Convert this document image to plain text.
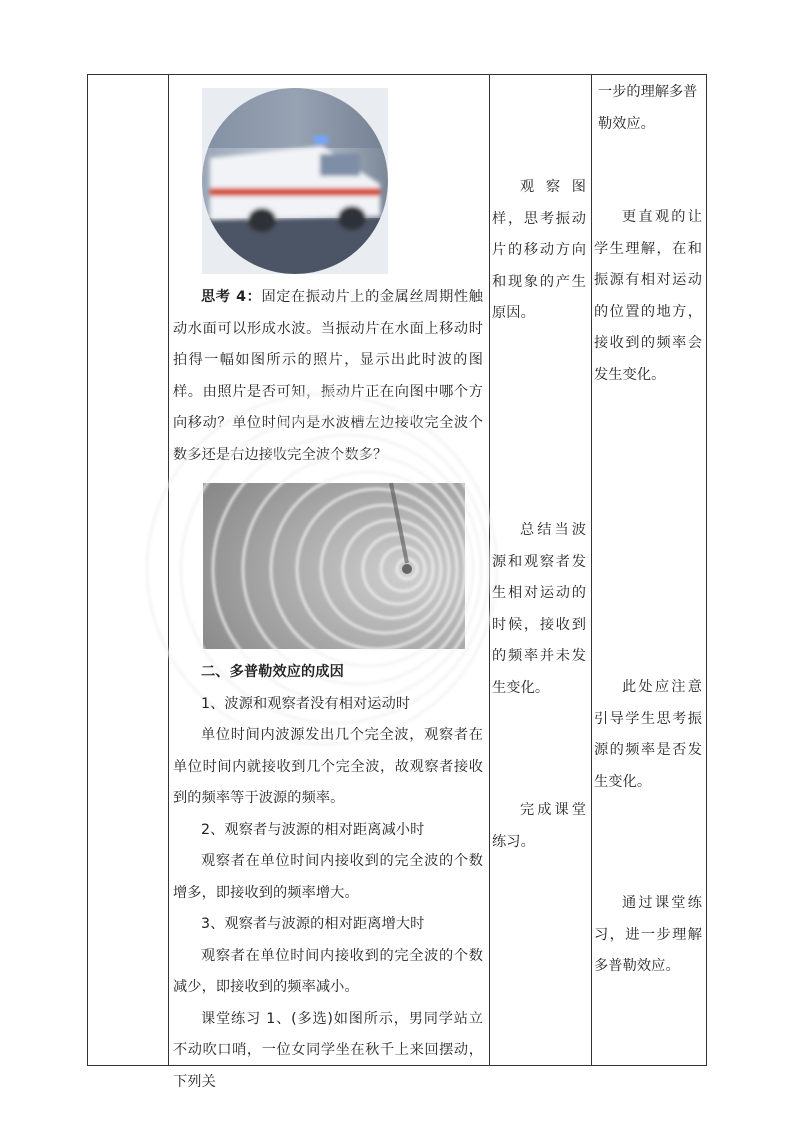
思考 4：固定在振动片上的金属丝周期性触动水面可以形成水波。当振动片在水面上移动时拍得一幅如图所示的照片，显示出此时波的图样。由照片是否可知，振动片正在向图中哪个方向移动？单位时间内是水波槽左边接收完全波个数多还是右边接收完全波个数多？

二、多普勒效应的成因

1、波源和观察者没有相对运动时

单位时间内波源发出几个完全波，观察者在单位时间内就接收到几个完全波，故观察者接收到的频率等于波源的频率。

2、观察者与波源的相对距离减小时

观察者在单位时间内接收到的完全波的个数增多，即接收到的频率增大。

3、观察者与波源的相对距离增大时

观察者在单位时间内接收到的完全波的个数减少，即接收到的频率减小。

课堂练习 1、(多选)如图所示，男同学站立不动吹口哨，一位女同学坐在秋千上来回摆动，下列关

观察图样，思考振动片的移动方向和现象的产生原因。

总结当波源和观察者发生相对运动的时候，接收到的频率并未发生变化。

完成课堂练习。

一步的理解多普勒效应。

更直观的让学生理解，在和振源有相对运动的位置的地方，接收到的频率会发生变化。

此处应注意引导学生思考振源的频率是否发生变化。

通过课堂练习，进一步理解多普勒效应。
